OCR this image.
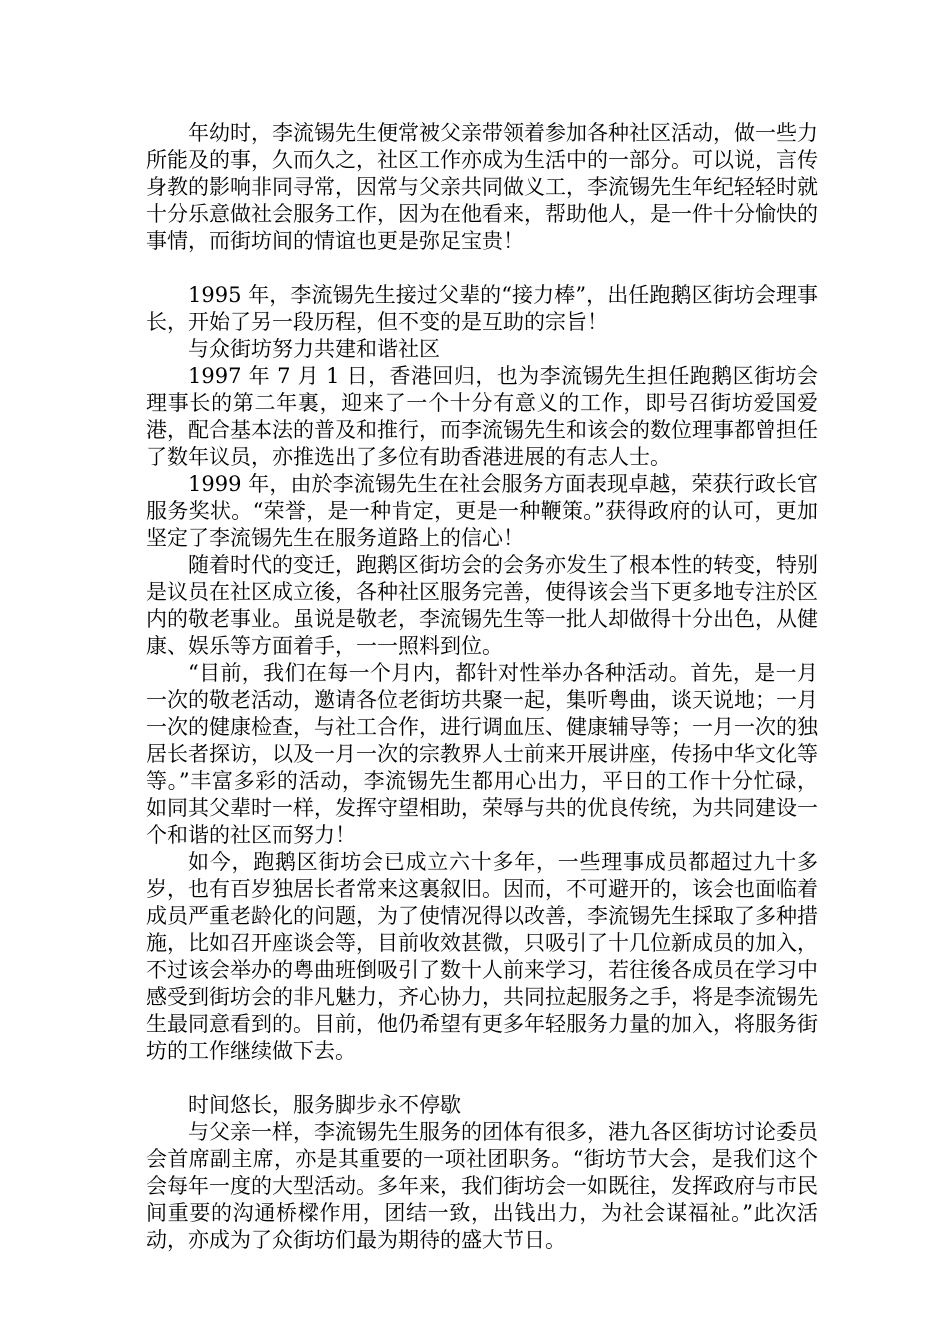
年幼时，李流锡先生便常被父亲带领着参加各种社区活动，做一些力所能及的事，久而久之，社区工作亦成为生活中的一部分。可以说，言传身教的影响非同寻常，因常与父亲共同做义工，李流锡先生年纪轻轻时就十分乐意做社会服务工作，因为在他看来，帮助他人，是一件十分愉快的事情，而街坊间的情谊也更是弥足宝贵！

1995 年，李流锡先生接过父辈的“接力棒”，出任跑鹅区街坊会理事长，开始了另一段历程，但不变的是互助的宗旨！

与众街坊努力共建和谐社区

1997 年 7 月 1 日，香港回归，也为李流锡先生担任跑鹅区街坊会理事长的第二年裏，迎来了一个十分有意义的工作，即号召街坊爱国爱港，配合基本法的普及和推行，而李流锡先生和该会的数位理事都曾担任了数年议员，亦推选出了多位有助香港进展的有志人士。

1999 年，由於李流锡先生在社会服务方面表现卓越，荣获行政长官服务奖状。“荣誉，是一种肯定，更是一种鞭策。”获得政府的认可，更加坚定了李流锡先生在服务道路上的信心！

随着时代的变迁，跑鹅区街坊会的会务亦发生了根本性的转变，特别是议员在社区成立後，各种社区服务完善，使得该会当下更多地专注於区内的敬老事业。虽说是敬老，李流锡先生等一批人却做得十分出色，从健康、娱乐等方面着手，一一照料到位。

“目前，我们在每一个月内，都针对性举办各种活动。首先，是一月一次的敬老活动，邀请各位老街坊共聚一起，集听粤曲，谈天说地；一月一次的健康检查，与社工合作，进行调血压、健康辅导等；一月一次的独居长者探访，以及一月一次的宗教界人士前来开展讲座，传扬中华文化等等。”丰富多彩的活动，李流锡先生都用心出力，平日的工作十分忙碌，如同其父辈时一样，发挥守望相助，荣辱与共的优良传统，为共同建设一个和谐的社区而努力！

如今，跑鹅区街坊会已成立六十多年，一些理事成员都超过九十多岁，也有百岁独居长者常来这裏叙旧。因而，不可避开的，该会也面临着成员严重老龄化的问题，为了使情况得以改善，李流锡先生採取了多种措施，比如召开座谈会等，目前收效甚微，只吸引了十几位新成员的加入，不过该会举办的粤曲班倒吸引了数十人前来学习，若往後各成员在学习中感受到街坊会的非凡魅力，齐心协力，共同拉起服务之手，将是李流锡先生最同意看到的。目前，他仍希望有更多年轻服务力量的加入，将服务街坊的工作继续做下去。

时间悠长，服务脚步永不停歇

与父亲一样，李流锡先生服务的团体有很多，港九各区街坊讨论委员会首席副主席，亦是其重要的一项社团职务。“街坊节大会，是我们这个会每年一度的大型活动。多年来，我们街坊会一如既往，发挥政府与市民间重要的沟通桥樑作用，团结一致，出钱出力，为社会谋福祉。”此次活动，亦成为了众街坊们最为期待的盛大节日。
